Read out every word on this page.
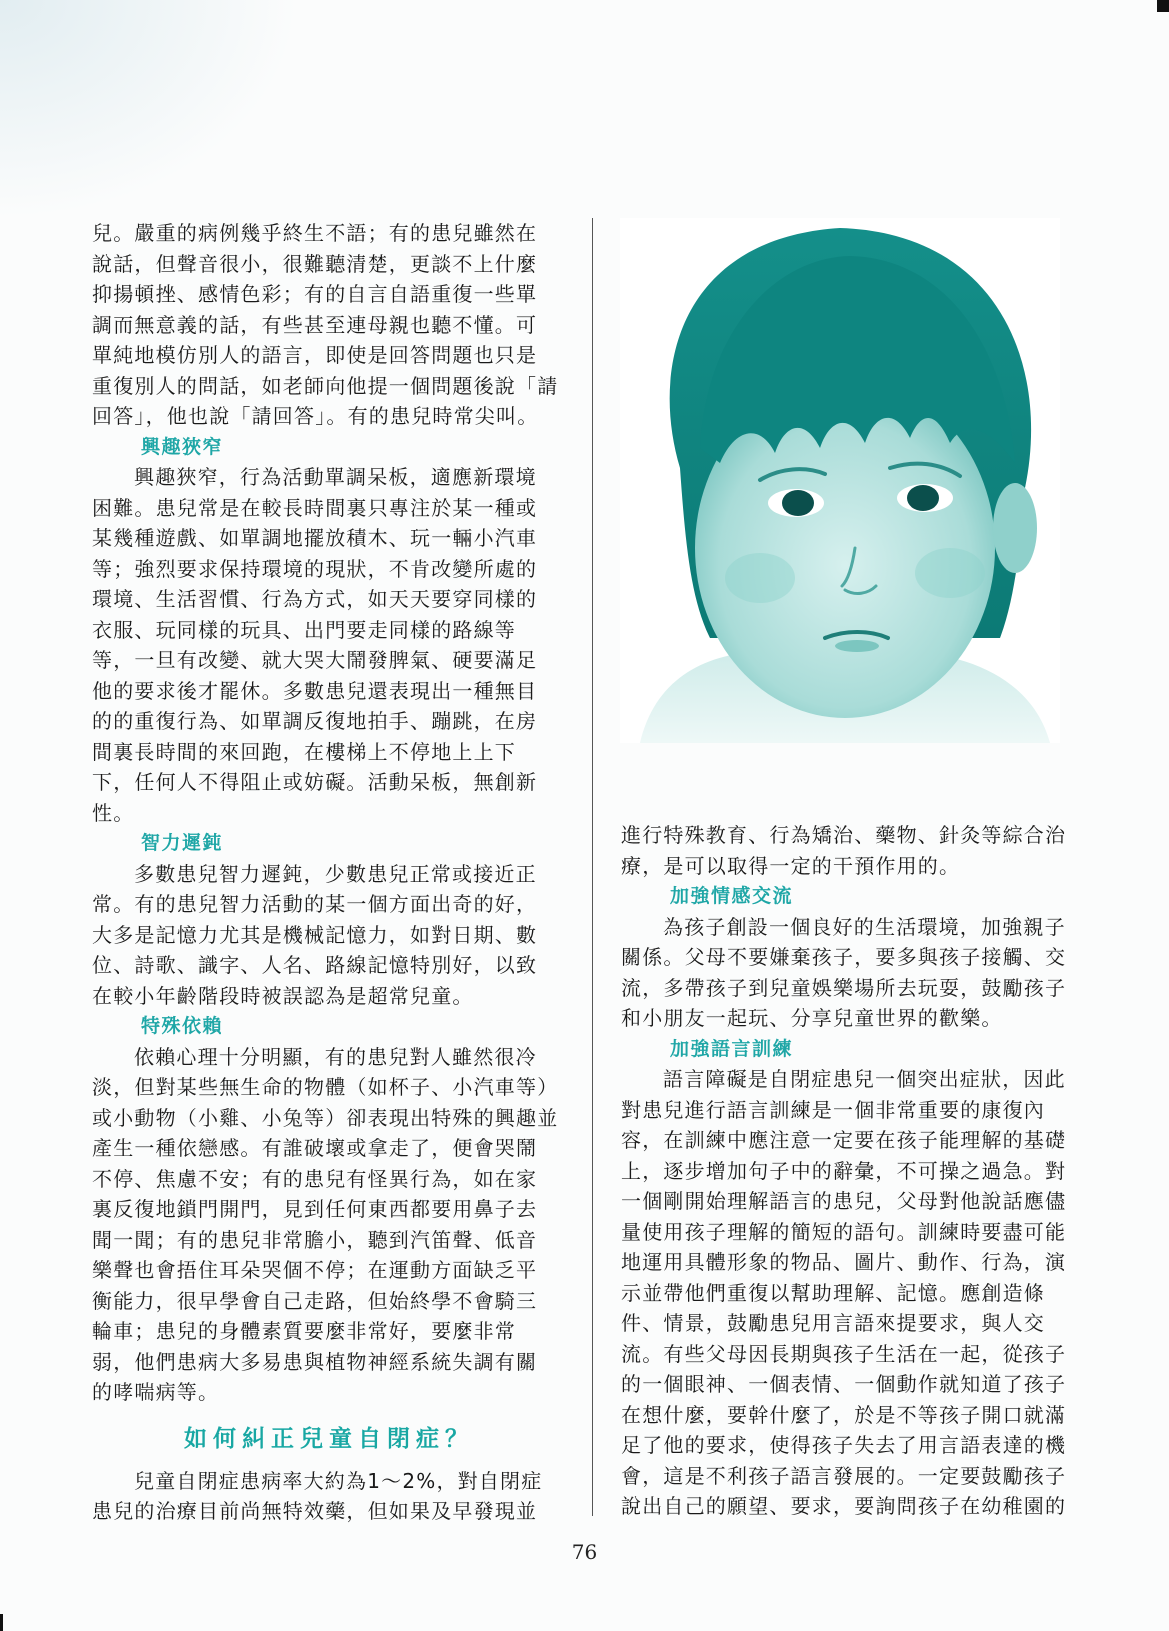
兒。嚴重的病例幾乎終生不語；有的患兒雖然在
說話，但聲音很小，很難聽清楚，更談不上什麼
抑揚頓挫、感情色彩；有的自言自語重復一些單
調而無意義的話，有些甚至連母親也聽不懂。可
單純地模仿別人的語言，即使是回答問題也只是
重復別人的問話，如老師向他提一個問題後說「請
回答」，他也說「請回答」。有的患兒時常尖叫。

興趣狹窄

興趣狹窄，行為活動單調呆板，適應新環境
困難。患兒常是在較長時間裏只專注於某一種或
某幾種遊戲、如單調地擺放積木、玩一輛小汽車
等；強烈要求保持環境的現狀，不肯改變所處的
環境、生活習慣、行為方式，如天天要穿同樣的
衣服、玩同樣的玩具、出門要走同樣的路線等
等，一旦有改變、就大哭大鬧發脾氣、硬要滿足
他的要求後才罷休。多數患兒還表現出一種無目
的的重復行為、如單調反復地拍手、蹦跳，在房
間裏長時間的來回跑，在樓梯上不停地上上下
下，任何人不得阻止或妨礙。活動呆板，無創新
性。

智力遲鈍

多數患兒智力遲鈍，少數患兒正常或接近正
常。有的患兒智力活動的某一個方面出奇的好，
大多是記憶力尤其是機械記憶力，如對日期、數
位、詩歌、識字、人名、路線記憶特別好，以致
在較小年齡階段時被誤認為是超常兒童。

特殊依賴

依賴心理十分明顯，有的患兒對人雖然很冷
淡，但對某些無生命的物體（如杯子、小汽車等）
或小動物（小雞、小兔等）卻表現出特殊的興趣並
產生一種依戀感。有誰破壞或拿走了，便會哭鬧
不停、焦慮不安；有的患兒有怪異行為，如在家
裏反復地鎖門開門，見到任何東西都要用鼻子去
聞一聞；有的患兒非常膽小，聽到汽笛聲、低音
樂聲也會捂住耳朵哭個不停；在運動方面缺乏平
衡能力，很早學會自己走路，但始終學不會騎三
輪車；患兒的身體素質要麼非常好，要麼非常
弱，他們患病大多易患與植物神經系統失調有關
的哮喘病等。

如何糾正兒童自閉症？

兒童自閉症患病率大約為1～2%，對自閉症
患兒的治療目前尚無特效藥，但如果及早發現並

進行特殊教育、行為矯治、藥物、針灸等綜合治
療，是可以取得一定的干預作用的。

加強情感交流

為孩子創設一個良好的生活環境，加強親子
關係。父母不要嫌棄孩子，要多與孩子接觸、交
流，多帶孩子到兒童娛樂場所去玩耍，鼓勵孩子
和小朋友一起玩、分享兒童世界的歡樂。

加強語言訓練

語言障礙是自閉症患兒一個突出症狀，因此
對患兒進行語言訓練是一個非常重要的康復內
容，在訓練中應注意一定要在孩子能理解的基礎
上，逐步增加句子中的辭彙，不可操之過急。對
一個剛開始理解語言的患兒，父母對他說話應儘
量使用孩子理解的簡短的語句。訓練時要盡可能
地運用具體形象的物品、圖片、動作、行為，演
示並帶他們重復以幫助理解、記憶。應創造條
件、情景，鼓勵患兒用言語來提要求，與人交
流。有些父母因長期與孩子生活在一起，從孩子
的一個眼神、一個表情、一個動作就知道了孩子
在想什麼，要幹什麼了，於是不等孩子開口就滿
足了他的要求，使得孩子失去了用言語表達的機
會，這是不利孩子語言發展的。一定要鼓勵孩子
說出自己的願望、要求，要詢問孩子在幼稚園的

76
